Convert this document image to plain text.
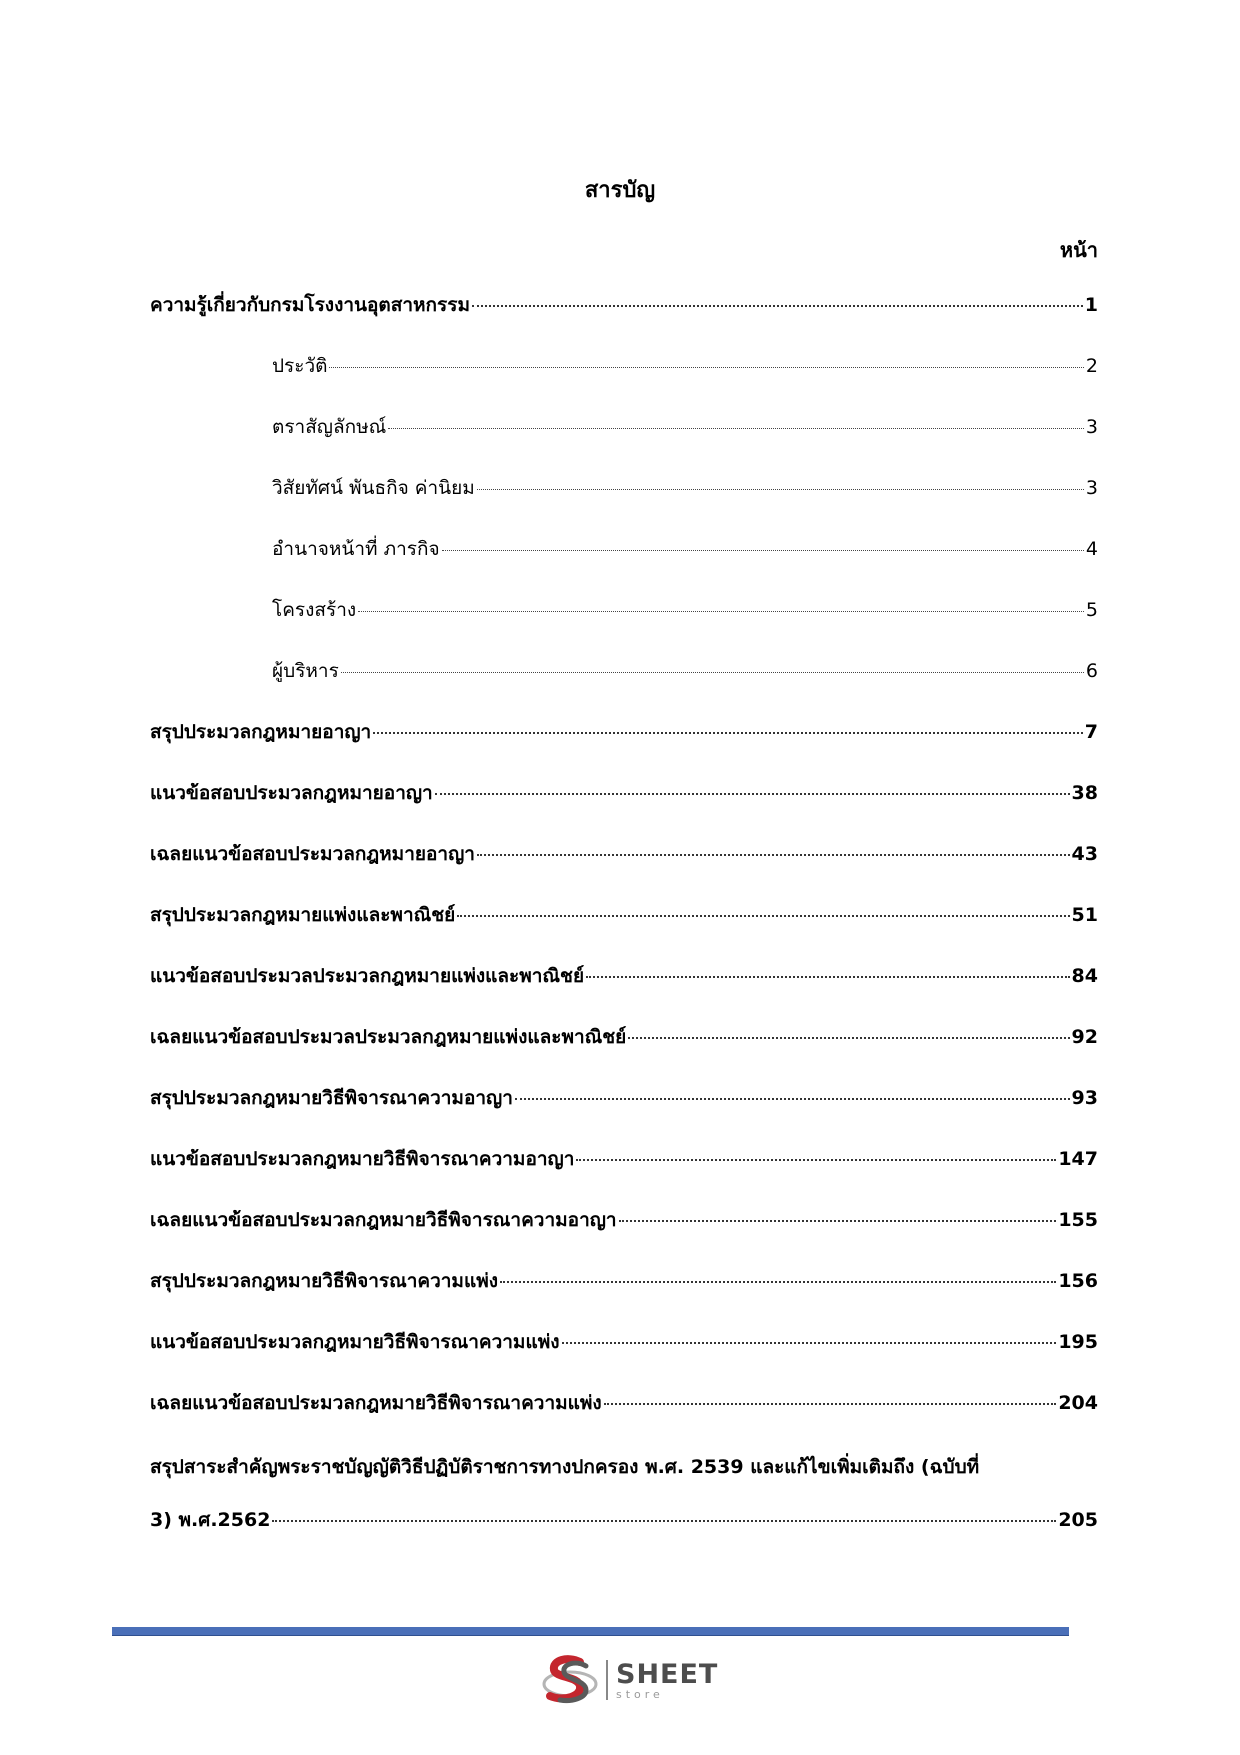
สารบัญ
หน้า
ความรู้เกี่ยวกับกรมโรงงานอุตสาหกรรม	1
ประวัติ	2
ตราสัญลักษณ์	3
วิสัยทัศน์ พันธกิจ ค่านิยม	3
อำนาจหน้าที่ ภารกิจ	4
โครงสร้าง	5
ผู้บริหาร	6
สรุปประมวลกฎหมายอาญา	7
แนวข้อสอบประมวลกฎหมายอาญา	38
เฉลยแนวข้อสอบประมวลกฎหมายอาญา	43
สรุปประมวลกฎหมายแพ่งและพาณิชย์	51
แนวข้อสอบประมวลประมวลกฎหมายแพ่งและพาณิชย์	84
เฉลยแนวข้อสอบประมวลประมวลกฎหมายแพ่งและพาณิชย์	92
สรุปประมวลกฎหมายวิธีพิจารณาความอาญา	93
แนวข้อสอบประมวลกฎหมายวิธีพิจารณาความอาญา	147
เฉลยแนวข้อสอบประมวลกฎหมายวิธีพิจารณาความอาญา	155
สรุปประมวลกฎหมายวิธีพิจารณาความแพ่ง	156
แนวข้อสอบประมวลกฎหมายวิธีพิจารณาความแพ่ง	195
เฉลยแนวข้อสอบประมวลกฎหมายวิธีพิจารณาความแพ่ง	204
สรุปสาระสำคัญพระราชบัญญัติวิธีปฏิบัติราชการทางปกครอง พ.ศ. 2539 และแก้ไขเพิ่มเติมถึง (ฉบับที่
3) พ.ศ.2562	205
SHEET
store
